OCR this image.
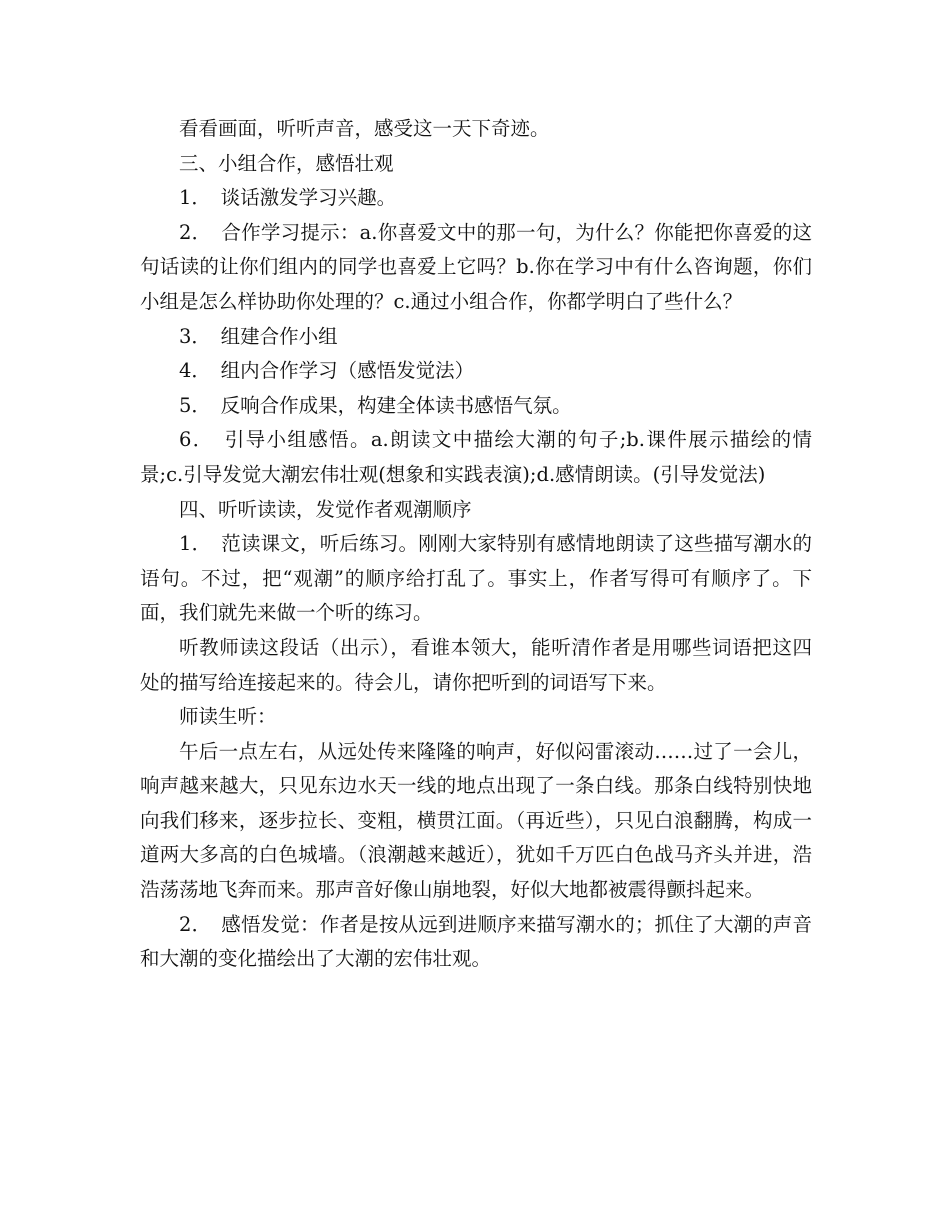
看看画面，听听声音，感受这一天下奇迹。

三、小组合作，感悟壮观

1．　谈话激发学习兴趣。

2．　合作学习提示：a.你喜爱文中的那一句，为什么？你能把你喜爱的这句话读的让你们组内的同学也喜爱上它吗？b.你在学习中有什么咨询题，你们小组是怎么样协助你处理的？c.通过小组合作，你都学明白了些什么？

3．　组建合作小组

4．　组内合作学习（感悟发觉法）

5．　反响合作成果，构建全体读书感悟气氛。

6．　引导小组感悟。a.朗读文中描绘大潮的句子;b.课件展示描绘的情景;c.引导发觉大潮宏伟壮观(想象和实践表演);d.感情朗读。(引导发觉法)

四、听听读读，发觉作者观潮顺序

1．　范读课文，听后练习。刚刚大家特别有感情地朗读了这些描写潮水的语句。不过，把“观潮”的顺序给打乱了。事实上，作者写得可有顺序了。下面，我们就先来做一个听的练习。

听教师读这段话（出示），看谁本领大，能听清作者是用哪些词语把这四处的描写给连接起来的。待会儿，请你把听到的词语写下来。

师读生听：

午后一点左右，从远处传来隆隆的响声，好似闷雷滚动……过了一会儿，响声越来越大，只见东边水天一线的地点出现了一条白线。那条白线特别快地向我们移来，逐步拉长、变粗，横贯江面。（再近些），只见白浪翻腾，构成一道两大多高的白色城墙。（浪潮越来越近），犹如千万匹白色战马齐头并进，浩浩荡荡地飞奔而来。那声音好像山崩地裂，好似大地都被震得颤抖起来。

2．　感悟发觉：作者是按从远到进顺序来描写潮水的；抓住了大潮的声音和大潮的变化描绘出了大潮的宏伟壮观。
